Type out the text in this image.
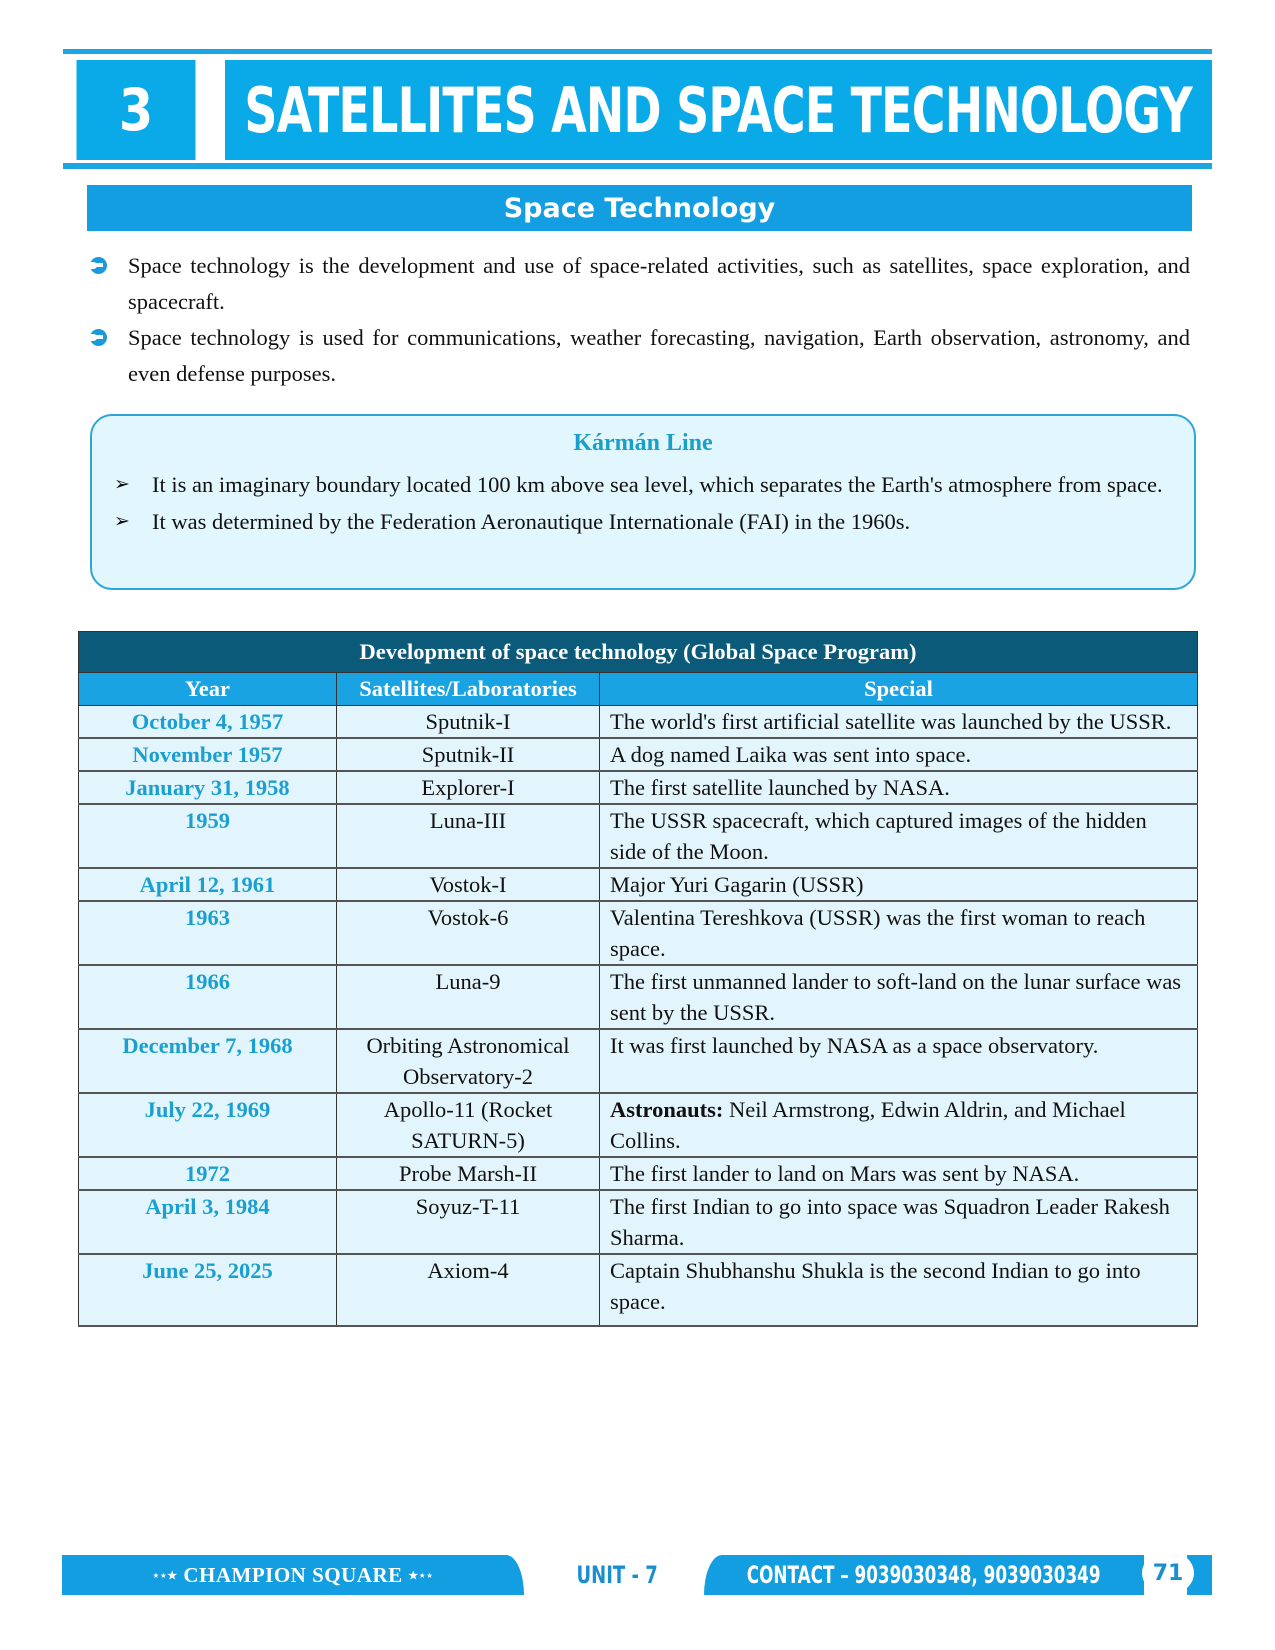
3	SATELLITES AND SPACE TECHNOLOGY
Space Technology
Space technology is the development and use of space-related activities, such as satellites, space exploration, and spacecraft.
Space technology is used for communications, weather forecasting, navigation, Earth observation, astronomy, and even defense purposes.
Kármán Line
➢ It is an imaginary boundary located 100 km above sea level, which separates the Earth's atmosphere from space.
➢ It was determined by the Federation Aeronautique Internationale (FAI) in the 1960s.
Development of space technology (Global Space Program)		
Year	Satellites/Laboratories	Special
October 4, 1957	Sputnik-I	The world's first artificial satellite was launched by the USSR.
November 1957	Sputnik-II	A dog named Laika was sent into space.
January 31, 1958	Explorer-I	The first satellite launched by NASA.
1959	Luna-III	The USSR spacecraft, which captured images of the hidden side of the Moon.
April 12, 1961	Vostok-I	Major Yuri Gagarin (USSR)
1963	Vostok-6	Valentina Tereshkova (USSR) was the first woman to reach space.
1966	Luna-9	The first unmanned lander to soft-land on the lunar surface was sent by the USSR.
December 7, 1968	Orbiting Astronomical Observatory-2	It was first launched by NASA as a space observatory.
July 22, 1969	Apollo-11 (Rocket SATURN-5)	Astronauts: Neil Armstrong, Edwin Aldrin, and Michael Collins.
1972	Probe Marsh-II	The first lander to land on Mars was sent by NASA.
April 3, 1984	Soyuz-T-11	The first Indian to go into space was Squadron Leader Rakesh Sharma.
June 25, 2025	Axiom-4	Captain Shubhanshu Shukla is the second Indian to go into space.
⋆⋆★
CHAMPION SQUARE
★⋆⋆	UNIT - 7	CONTACT – 9039030348, 9039030349	71
